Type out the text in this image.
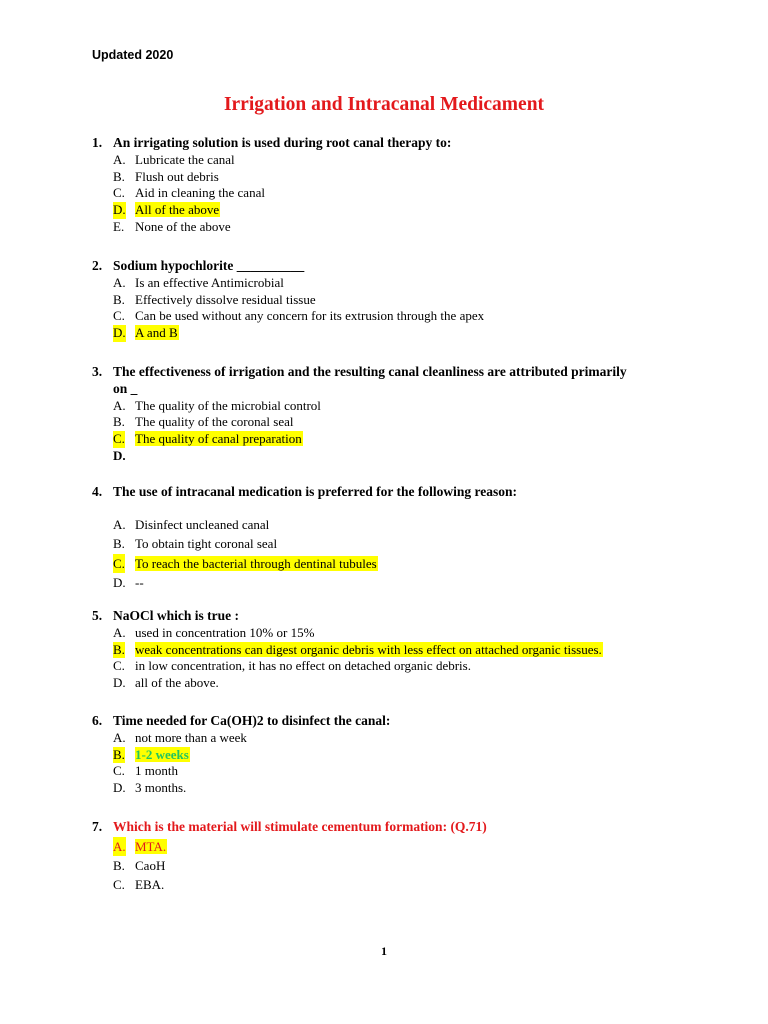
Updated 2020
Irrigation and Intracanal Medicament
1. An irrigating solution is used during root canal therapy to:
A. Lubricate the canal
B. Flush out debris
C. Aid in cleaning the canal
D. All of the above
E. None of the above
2. Sodium hypochlorite __________
A. Is an effective Antimicrobial
B. Effectively dissolve residual tissue
C. Can be used without any concern for its extrusion through the apex
D. A and B
3. The effectiveness of irrigation and the resulting canal cleanliness are attributed primarily on _
A. The quality of the microbial control
B. The quality of the coronal seal
C. The quality of canal preparation
D.
4. The use of intracanal medication is preferred for the following reason:
A. Disinfect uncleaned canal
B. To obtain tight coronal seal
C. To reach the bacterial through dentinal tubules
D. --
5. NaOCl which is true :
A. used in concentration 10% or 15%
B. weak concentrations can digest organic debris with less effect on attached organic tissues.
C. in low concentration, it has no effect on detached organic debris.
D. all of the above.
6. Time needed for Ca(OH)2 to disinfect the canal:
A. not more than a week
B. 1-2 weeks
C. 1 month
D. 3 months.
7. Which is the material will stimulate cementum formation: (Q.71)
A. MTA.
B. CaoH
C. EBA.
1
